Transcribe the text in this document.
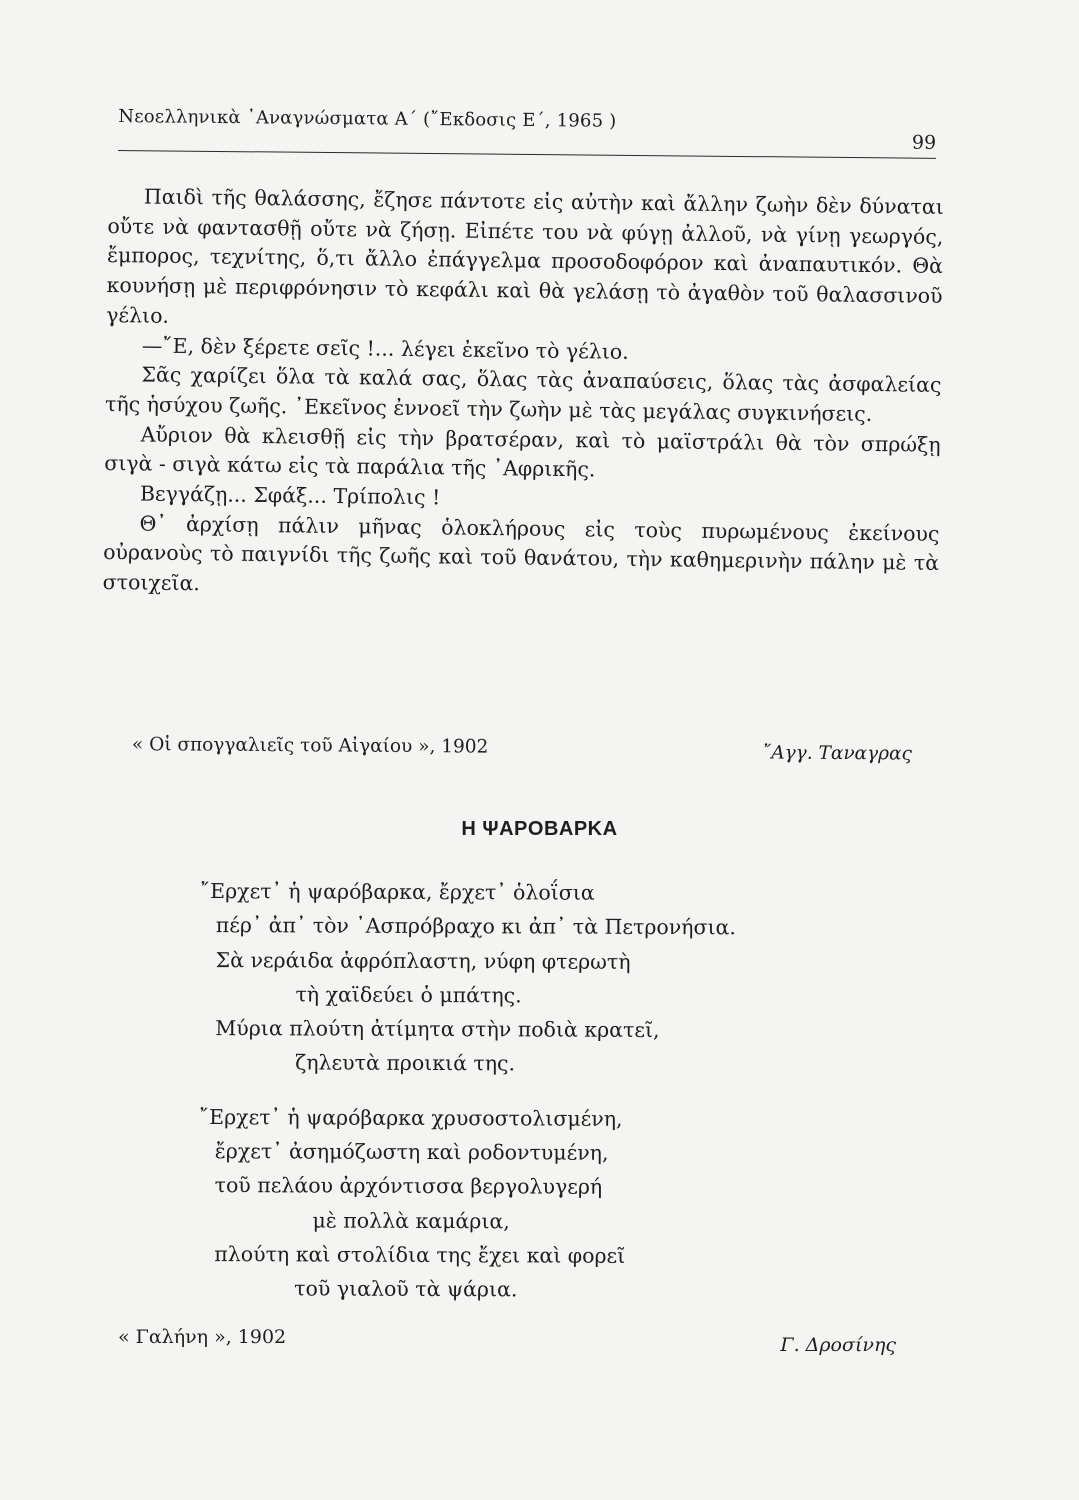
Νεοελληνικὰ ᾿Αναγνώσματα Α΄ (῎Εκδοσις Ε΄, 1965 )
99

Παιδὶ τῆς θαλάσσης, ἔζησε πάντοτε εἰς αὐτὴν καὶ ἄλλην ζωὴν δὲν δύναται οὔτε νὰ φαντασθῇ οὔτε νὰ ζήσῃ. Εἰπέτε του νὰ φύγῃ ἀλλοῦ, νὰ γίνῃ γεωργός, ἔμπορος, τεχνίτης, ὅ,τι ἄλλο ἐπάγγελμα προσοδοφόρον καὶ ἀναπαυτικόν. Θὰ κουνήσῃ μὲ περιφρόνησιν τὸ κεφάλι καὶ θὰ γελάσῃ τὸ ἀγαθὸν τοῦ θαλασσινοῦ γέλιο.

—῎Ε, δὲν ξέρετε σεῖς !... λέγει ἐκεῖνο τὸ γέλιο.

Σᾶς χαρίζει ὅλα τὰ καλά σας, ὅλας τὰς ἀναπαύσεις, ὅλας τὰς ἀσφαλείας τῆς ἡσύχου ζωῆς. ᾿Εκεῖνος ἐννοεῖ τὴν ζωὴν μὲ τὰς μεγάλας συγκινήσεις.

Αὔριον θὰ κλεισθῇ εἰς τὴν βρατσέραν, καὶ τὸ μαϊστράλι θὰ τὸν σπρώξῃ σιγὰ - σιγὰ κάτω εἰς τὰ παράλια τῆς ᾿Αφρικῆς.

Βεγγάζῃ... Σφάξ... Τρίπολις !

Θ᾿ ἀρχίσῃ πάλιν μῆνας ὁλοκλήρους εἰς τοὺς πυρωμένους ἐκείνους οὐρανοὺς τὸ παιγνίδι τῆς ζωῆς καὶ τοῦ θανάτου, τὴν καθημερινὴν πάλην μὲ τὰ στοιχεῖα.

« Οἱ σπογγαλιεῖς τοῦ Αἰγαίου », 1902	῎Αγγ. Ταναγρας
Η ΨΑΡΟΒΑΡΚΑ
῎Ερχετ᾿ ἡ ψαρόβαρκα, ἔρχετ᾿ ὁλοΐσια
πέρ᾿ ἀπ᾿ τὸν ᾿Ασπρόβραχο κι ἀπ᾿ τὰ Πετρονήσια.
Σὰ νεράιδα ἀφρόπλαστη, νύφη φτερωτὴ
τὴ χαϊδεύει ὁ μπάτης.
Μύρια πλούτη ἀτίμητα στὴν ποδιὰ κρατεῖ,
ζηλευτὰ προικιά της.
῎Ερχετ᾿ ἡ ψαρόβαρκα χρυσοστολισμένη,
ἔρχετ᾿ ἀσημόζωστη καὶ ροδοντυμένη,
τοῦ πελάου ἀρχόντισσα βεργολυγερή
μὲ πολλὰ καμάρια,
πλούτη καὶ στολίδια της ἔχει καὶ φορεῖ
τοῦ γιαλοῦ τὰ ψάρια.
« Γαλήνη », 1902	Γ. Δροσίνης
